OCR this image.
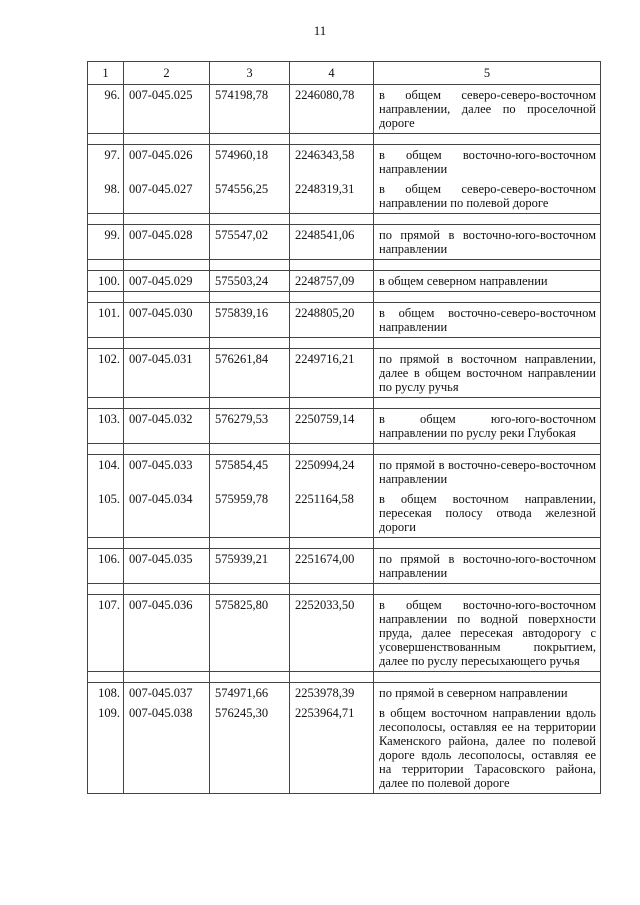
11
1	2	3	4	5
96.	007-045.025	574198,78	2246080,78	в общем северо-северо-восточном направлении, далее по проселочной дороге

97.	007-045.026	574960,18	2246343,58	в общем восточно-юго-восточном направлении
98.	007-045.027	574556,25	2248319,31	в общем северо-северо-восточном направлении по полевой дороге

99.	007-045.028	575547,02	2248541,06	по прямой в восточно-юго-восточном направлении

100.	007-045.029	575503,24	2248757,09	в общем северном направлении

101.	007-045.030	575839,16	2248805,20	в общем восточно-северо-восточном направлении

102.	007-045.031	576261,84	2249716,21	по прямой в восточном направлении, далее в общем восточном направлении по руслу ручья

103.	007-045.032	576279,53	2250759,14	в общем юго-юго-восточном направлении по руслу реки Глубокая

104.	007-045.033	575854,45	2250994,24	по прямой в восточно-северо-восточном направлении
105.	007-045.034	575959,78	2251164,58	в общем восточном направлении, пересекая полосу отвода железной дороги

106.	007-045.035	575939,21	2251674,00	по прямой в восточно-юго-восточном направлении

107.	007-045.036	575825,80	2252033,50	в общем восточно-юго-восточном направлении по водной поверхности пруда, далее пересекая автодорогу с усовершенствованным покрытием, далее по руслу пересыхающего ручья

108.	007-045.037	574971,66	2253978,39	по прямой в северном направлении
109.	007-045.038	576245,30	2253964,71	в общем восточном направлении вдоль лесополосы, оставляя ее на территории Каменского района, далее по полевой дороге вдоль лесополосы, оставляя ее на территории Тарасовского района, далее по полевой дороге
